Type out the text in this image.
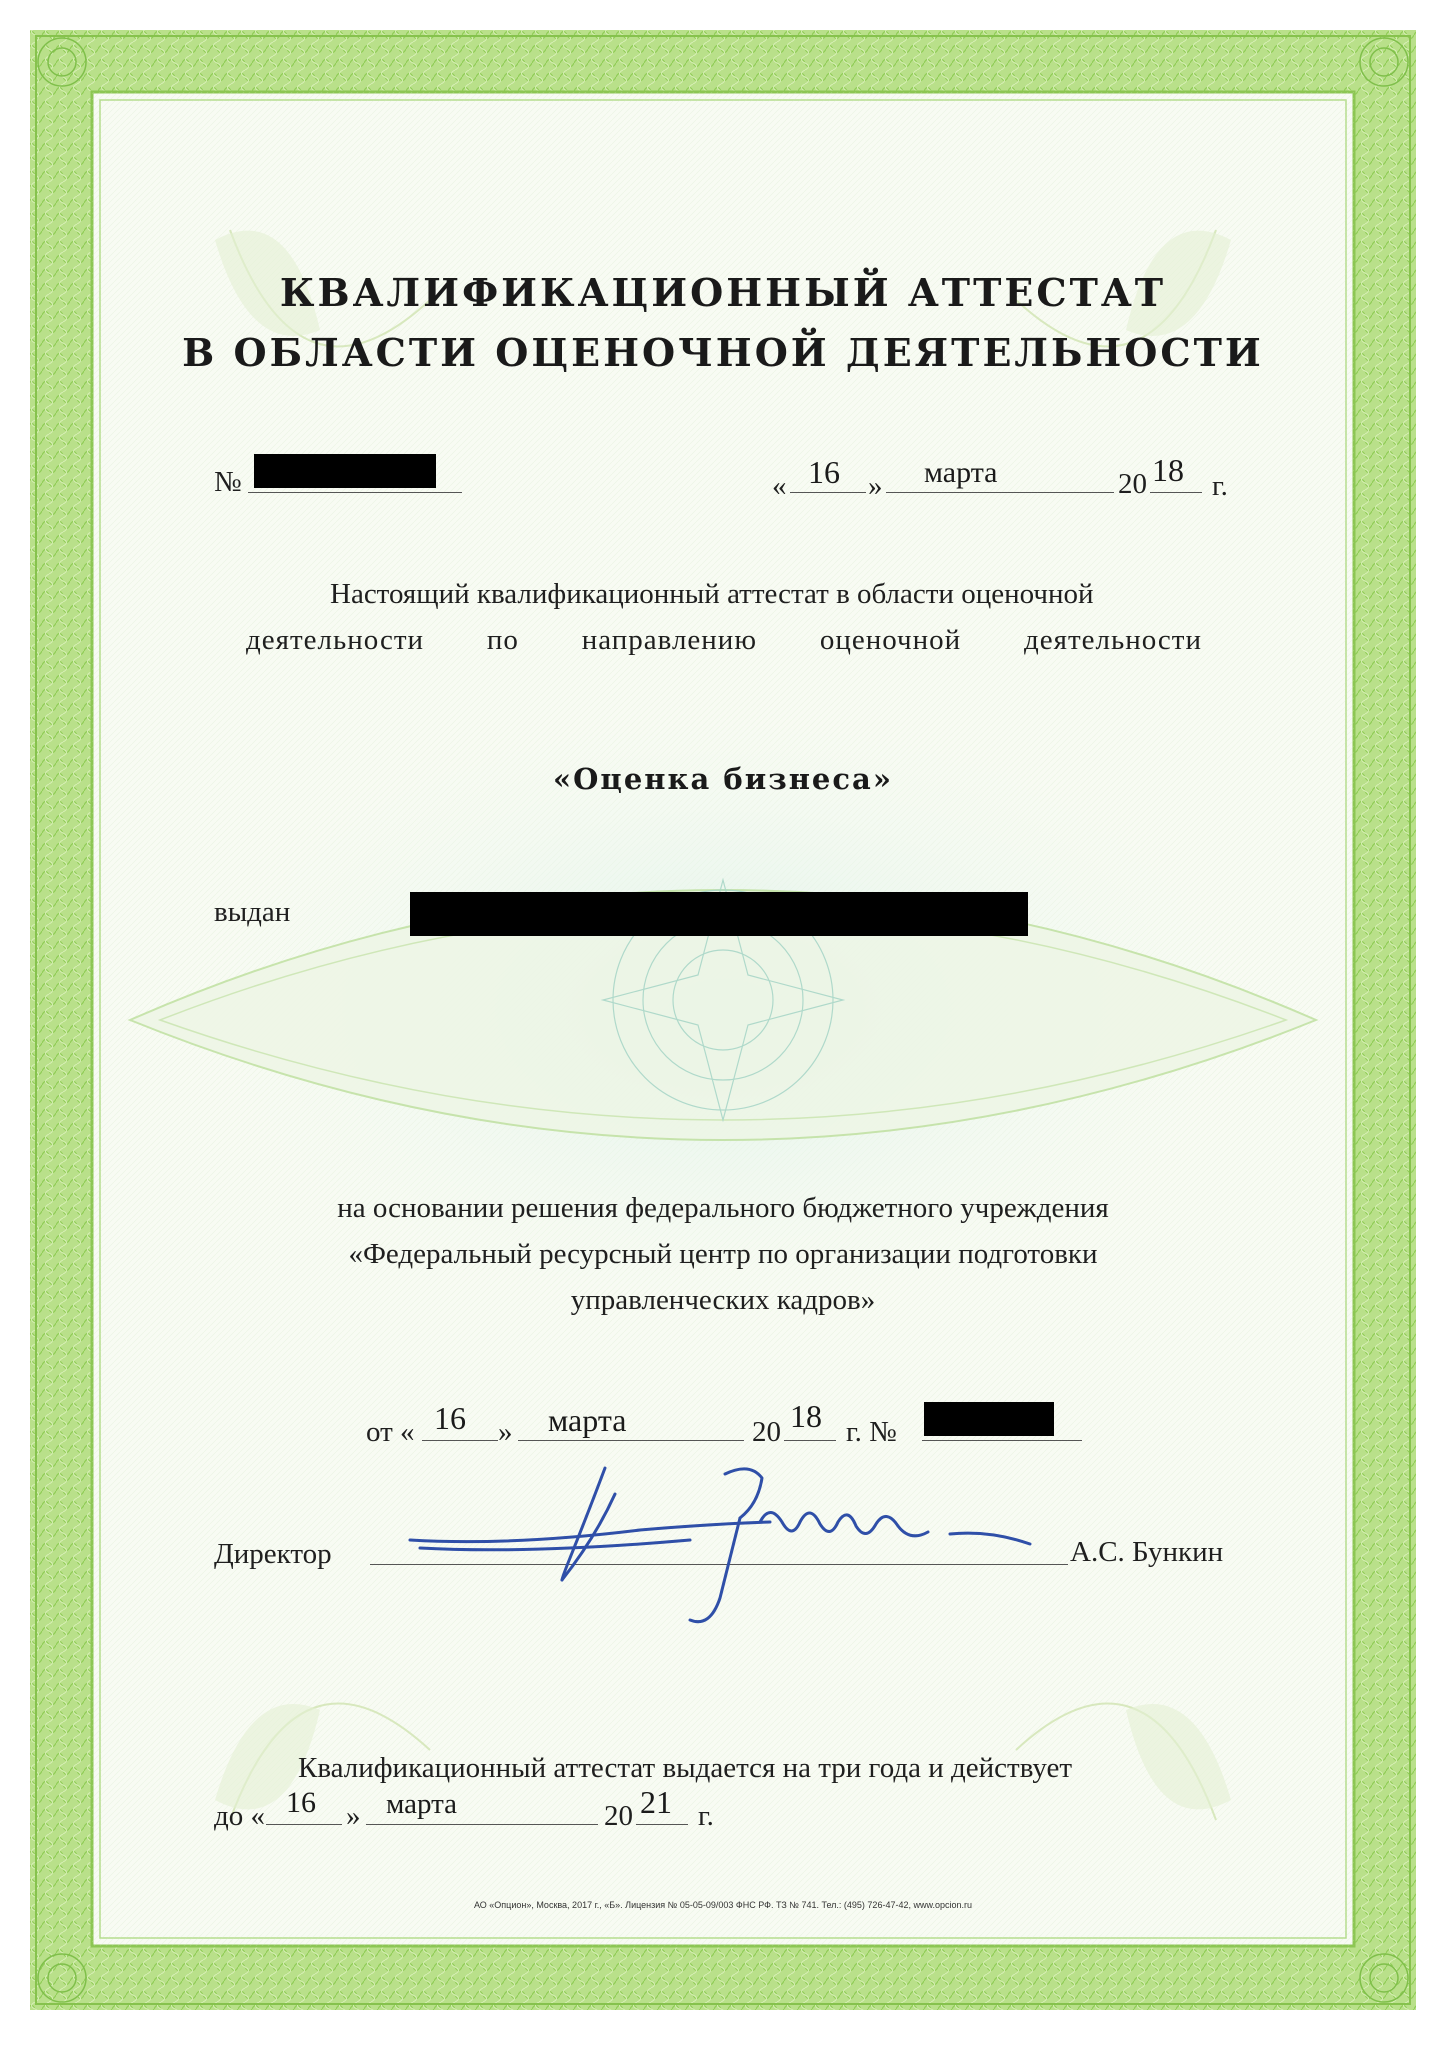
КВАЛИФИКАЦИОННЫЙ АТТЕСТАТ
В ОБЛАСТИ ОЦЕНОЧНОЙ ДЕЯТЕЛЬНОСТИ
№	« 16 » марта	20 18 г.
Настоящий квалификационный аттестат в области оценочной
деятельности по направлению оценочной деятельности
«Оценка бизнеса»
выдан
на основании решения федерального бюджетного учреждения
«Федеральный ресурсный центр по организации подготовки
управленческих кадров»
от « 16 » марта	20 18 г. №
Директор	А.С. Бункин
Квалификационный аттестат выдается на три года и действует
до « 16 » марта	20 21 г.
АО «Опцион», Москва, 2017 г., «Б». Лицензия № 05-05-09/003 ФНС РФ. ТЗ № 741. Тел.: (495) 726-47-42, www.opcion.ru
